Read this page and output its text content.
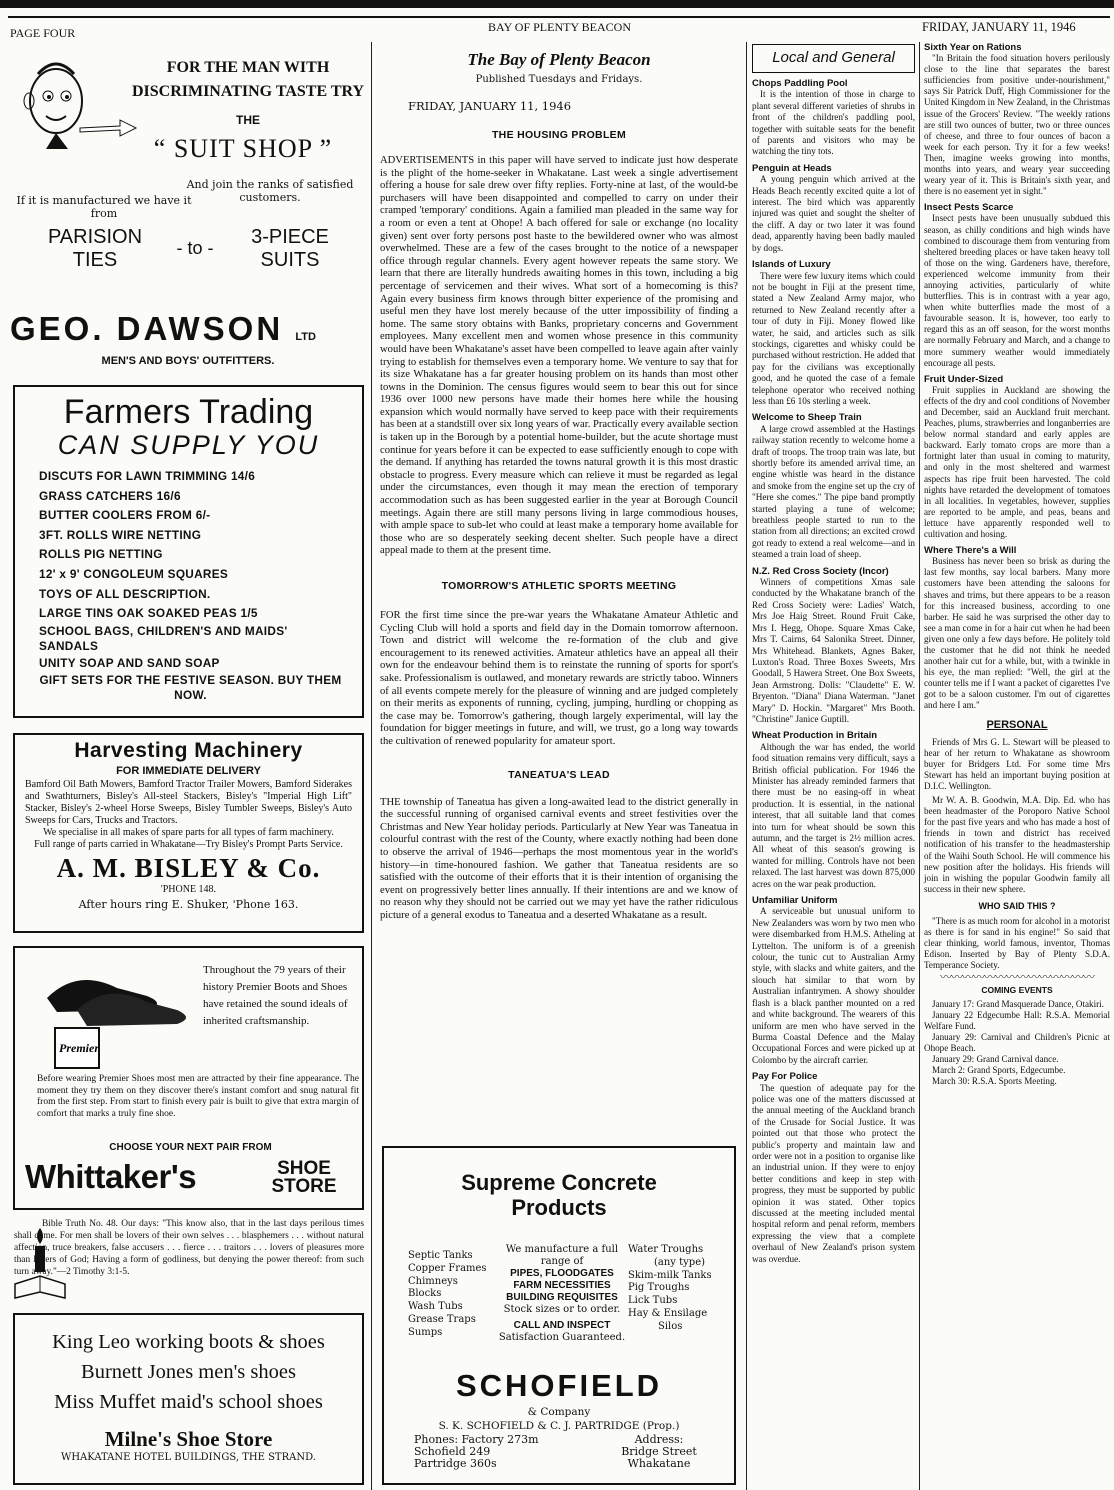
PAGE FOUR	BAY OF PLENTY BEACON	FRIDAY, JANUARY 11, 1946
FOR THE MAN WITH
DISCRIMINATING TASTE TRY
THE
“ SUIT SHOP ”
And join the ranks of satisfied customers.
If it is manufactured we have it from
PARISION
TIES
- to -	3-PIECE
SUITS
GEO. DAWSON LTD
MEN'S AND BOYS' OUTFITTERS.
Farmers Trading
CAN SUPPLY YOU
DISCUTS FOR LAWN TRIMMING 14/6
GRASS CATCHERS 16/6
BUTTER COOLERS FROM 6/-
3FT. ROLLS WIRE NETTING
ROLLS PIG NETTING
12' x 9' CONGOLEUM SQUARES
TOYS OF ALL DESCRIPTION.
LARGE TINS OAK SOAKED PEAS 1/5
SCHOOL BAGS, CHILDREN'S AND MAIDS' SANDALS
UNITY SOAP AND SAND SOAP
GIFT SETS FOR THE FESTIVE SEASON. BUY THEM NOW.
Harvesting Machinery
FOR IMMEDIATE DELIVERY
Bamford Oil Bath Mowers, Bamford Tractor Trailer Mowers, Bamford Siderakes and Swathturners, Bisley's All-steel Stackers, Bisley's "Imperial High Lift" Stacker, Bisley's 2-wheel Horse Sweeps, Bisley Tumbler Sweeps, Bisley's Auto Sweeps for Cars, Trucks and Tractors.
We specialise in all makes of spare parts for all types of farm machinery.
Full range of parts carried in Whakatane—Try Bisley's Prompt Parts Service.
A. M. BISLEY & Co.
'PHONE 148.
After hours ring E. Shuker, 'Phone 163.
Premier
Throughout the 79 years of their history Premier Boots and Shoes have retained the sound ideals of inherited craftsmanship.
Before wearing Premier Shoes most men are attracted by their fine appearance. The moment they try them on they discover there's instant comfort and snug natural fit from the first step. From start to finish every pair is built to give that extra margin of comfort that marks a truly fine shoe.
CHOOSE YOUR NEXT PAIR FROM
Whittaker's	SHOE
STORE
Bible Truth No. 48. Our days: "This know also, that in the last days perilous times shall come. For men shall be lovers of their own selves . . . blasphemers . . . without natural affection, truce breakers, false accusers . . . fierce . . . traitors . . . lovers of pleasures more than lovers of God; Having a form of godliness, but denying the power thereof: from such turn away."—2 Timothy 3:1-5.
King Leo working boots & shoes
Burnett Jones men's shoes
Miss Muffet maid's school shoes
Milne's Shoe Store
WHAKATANE HOTEL BUILDINGS, THE STRAND.
The Bay of Plenty Beacon
Published Tuesdays and Fridays.
FRIDAY, JANUARY 11, 1946
THE HOUSING PROBLEM
ADVERTISEMENTS in this paper will have served to indicate just how desperate is the plight of the home-seeker in Whakatane. Last week a single advertisement offering a house for sale drew over fifty replies. Forty-nine at last, of the would-be purchasers will have been disappointed and compelled to carry on under their cramped 'temporary' conditions. Again a familied man pleaded in the same way for a room or even a tent at Ohope! A bach offered for sale or exchange (no locality given) sent over forty persons post haste to the bewildered owner who was almost overwhelmed. These are a few of the cases brought to the notice of a newspaper office through regular channels. Every agent however repeats the same story. We learn that there are literally hundreds awaiting homes in this town, including a big percentage of servicemen and their wives. What sort of a homecoming is this? Again every business firm knows through bitter experience of the promising and useful men they have lost merely because of the utter impossibility of finding a home. The same story obtains with Banks, proprietary concerns and Government employees. Many excellent men and women whose presence in this community would have been Whakatane's asset have been compelled to leave again after vainly trying to establish for themselves even a temporary home. We venture to say that for its size Whakatane has a far greater housing problem on its hands than most other towns in the Dominion. The census figures would seem to bear this out for since 1936 over 1000 new persons have made their homes here while the housing expansion which would normally have served to keep pace with their requirements has been at a standstill over six long years of war. Practically every available section is taken up in the Borough by a potential home-builder, but the acute shortage must continue for years before it can be expected to ease sufficiently enough to cope with the demand. If anything has retarded the towns natural growth it is this most drastic obstacle to progress. Every measure which can relieve it must be regarded as legal under the circumstances, even though it may mean the erection of temporary accommodation such as has been suggested earlier in the year at Borough Council meetings. Again there are still many persons living in large commodious houses, with ample space to sub-let who could at least make a temporary home available for those who are so desperately seeking decent shelter. Such people have a direct appeal made to them at the present time.
TOMORROW'S ATHLETIC SPORTS MEETING
FOR the first time since the pre-war years the Whakatane Amateur Athletic and Cycling Club will hold a sports and field day in the Domain tomorrow afternoon. Town and district will welcome the re-formation of the club and give encouragement to its renewed activities. Amateur athletics have an appeal all their own for the endeavour behind them is to reinstate the running of sports for sport's sake. Professionalism is outlawed, and monetary rewards are strictly taboo. Winners of all events compete merely for the pleasure of winning and are judged completely on their merits as exponents of running, cycling, jumping, hurdling or chopping as the case may be. Tomorrow's gathering, though largely experimental, will lay the foundation for bigger meetings in future, and will, we trust, go a long way towards the cultivation of renewed popularity for amateur sport.
TANEATUA'S LEAD
THE township of Taneatua has given a long-awaited lead to the district generally in the successful running of organised carnival events and street festivities over the Christmas and New Year holiday periods. Particularly at New Year was Taneatua in colourful contrast with the rest of the County, where exactly nothing had been done to observe the arrival of 1946—perhaps the most momentous year in the world's history—in time-honoured fashion. We gather that Taneatua residents are so satisfied with the outcome of their efforts that it is their intention of organising the event on progressively better lines annually. If their intentions are and we know of no reason why they should not be carried out we may yet have the rather ridiculous picture of a general exodus to Taneatua and a deserted Whakatane as a result.
Supreme Concrete
Products
Septic Tanks
Copper Frames
Chimneys
Blocks
Wash Tubs
Grease Traps
Sumps
We manufacture a full range of
PIPES, FLOODGATES
FARM NECESSITIES
BUILDING REQUISITES
Stock sizes or to order.
CALL AND INSPECT
Satisfaction Guaranteed.
Water Troughs
(any type)
Skim-milk Tanks
Pig Troughs
Lick Tubs
Hay & Ensilage
Silos
SCHOFIELD
& Company
S. K. SCHOFIELD & C. J. PARTRIDGE (Prop.)
Phones: Factory 273m
Schofield 249
Partridge 360s
Address:
Bridge Street
Whakatane
Local and General
Chops Paddling Pool
It is the intention of those in charge to plant several different varieties of shrubs in front of the children's paddling pool, together with suitable seats for the benefit of parents and visitors who may be watching the tiny tots.
Penguin at Heads
A young penguin which arrived at the Heads Beach recently excited quite a lot of interest. The bird which was apparently injured was quiet and sought the shelter of the cliff. A day or two later it was found dead, apparently having been badly mauled by dogs.
Islands of Luxury
There were few luxury items which could not be bought in Fiji at the present time, stated a New Zealand Army major, who returned to New Zealand recently after a tour of duty in Fiji. Money flowed like water, he said, and articles such as silk stockings, cigarettes and whisky could be purchased without restriction. He added that pay for the civilians was exceptionally good, and he quoted the case of a female telephone operator who received nothing less than £6 10s sterling a week.
Welcome to Sheep Train
A large crowd assembled at the Hastings railway station recently to welcome home a draft of troops. The troop train was late, but shortly before its amended arrival time, an engine whistle was heard in the distance and smoke from the engine set up the cry of "Here she comes." The pipe band promptly started playing a tune of welcome; breathless people started to run to the station from all directions; an excited crowd got ready to extend a real welcome—and in steamed a train load of sheep.
N.Z. Red Cross Society (Incor)
Winners of competitions Xmas sale conducted by the Whakatane branch of the Red Cross Society were: Ladies' Watch, Mrs Joe Haig Street. Round Fruit Cake, Mrs I. Hegg, Ohope. Square Xmas Cake, Mrs T. Cairns, 64 Salonika Street. Dinner, Mrs Whitehead. Blankets, Agnes Baker, Luxton's Road. Three Boxes Sweets, Mrs Goodall, 5 Hawera Street. One Box Sweets, Jean Armstrong. Dolls: "Claudette" E. W. Bryenton. "Diana" Diana Waterman. "Janet Mary" D. Hockin. "Margaret" Mrs Booth. "Christine" Janice Guptill.
Wheat Production in Britain
Although the war has ended, the world food situation remains very difficult, says a British official publication. For 1946 the Minister has already reminded farmers that there must be no easing-off in wheat production. It is essential, in the national interest, that all suitable land that comes into turn for wheat should be sown this autumn, and the target is 2½ million acres. All wheat of this season's growing is wanted for milling. Controls have not been relaxed. The last harvest was down 875,000 acres on the war peak production.
Unfamiliar Uniform
A serviceable but unusual uniform to New Zealanders was worn by two men who were disembarked from H.M.S. Atheling at Lyttelton. The uniform is of a greenish colour, the tunic cut to Australian Army style, with slacks and white gaiters, and the slouch hat similar to that worn by Australian infantrymen. A showy shoulder flash is a black panther mounted on a red and white background. The wearers of this uniform are men who have served in the Burma Coastal Defence and the Malay Occupational Forces and were picked up at Colombo by the aircraft carrier.
Pay For Police
The question of adequate pay for the police was one of the matters discussed at the annual meeting of the Auckland branch of the Crusade for Social Justice. It was pointed out that those who protect the public's property and maintain law and order were not in a position to organise like an industrial union. If they were to enjoy better conditions and keep in step with progress, they must be supported by public opinion it was stated. Other topics discussed at the meeting included mental hospital reform and penal reform, members expressing the view that a complete overhaul of New Zealand's prison system was overdue.
Sixth Year on Rations
"In Britain the food situation hovers perilously close to the line that separates the barest sufficiencies from positive under-nourishment," says Sir Patrick Duff, High Commissioner for the United Kingdom in New Zealand, in the Christmas issue of the Grocers' Review. "The weekly rations are still two ounces of butter, two or three ounces of cheese, and three to four ounces of bacon a week for each person. Try it for a few weeks! Then, imagine weeks growing into months, months into years, and weary year succeeding weary year of it. This is Britain's sixth year, and there is no easement yet in sight."
Insect Pests Scarce
Insect pests have been unusually subdued this season, as chilly conditions and high winds have combined to discourage them from venturing from sheltered breeding places or have taken heavy toll of those on the wing. Gardeners have, therefore, experienced welcome immunity from their annoying activities, particularly of white butterflies. This is in contrast with a year ago, when white butterflies made the most of a favourable season. It is, however, too early to regard this as an off season, for the worst months are normally February and March, and a change to more summery weather would immediately encourage all pests.
Fruit Under-Sized
Fruit supplies in Auckland are showing the effects of the dry and cool conditions of November and December, said an Auckland fruit merchant. Peaches, plums, strawberries and longanberries are below normal standard and early apples are backward. Early tomato crops are more than a fortnight later than usual in coming to maturity, and only in the most sheltered and warmest aspects has ripe fruit been harvested. The cold nights have retarded the development of tomatoes in all localities. In vegetables, however, supplies are reported to be ample, and peas, beans and lettuce have apparently responded well to cultivation and hosing.
Where There's a Will
Business has never been so brisk as during the last few months, say local barbers. Many more customers have been attending the saloons for shaves and trims, but there appears to be a reason for this increased business, according to one barber. He said he was surprised the other day to see a man come in for a hair cut when he had been given one only a few days before. He politely told the customer that he did not think he needed another hair cut for a while, but, with a twinkle in his eye, the man replied: "Well, the girl at the counter tells me if I want a packet of cigarettes I've got to be a saloon customer. I'm out of cigarettes and here I am."
PERSONAL
Friends of Mrs G. L. Stewart will be pleased to hear of her return to Whakatane as showroom buyer for Bridgers Ltd. For some time Mrs Stewart has held an important buying position at D.I.C. Wellington.
Mr W. A. B. Goodwin, M.A. Dip. Ed. who has been headmaster of the Poroporo Native School for the past five years and who has made a host of friends in town and district has received notification of his transfer to the headmastership of the Waihi South School. He will commence his new position after the holidays. His friends will join in wishing the popular Goodwin family all success in their new sphere.
WHO SAID THIS ?
"There is as much room for alcohol in a motorist as there is for sand in his engine!" So said that clear thinking, world famous, inventor, Thomas Edison. Inserted by Bay of Plenty S.D.A. Temperance Society.
〰〰〰〰〰〰〰〰〰〰〰〰〰〰
COMING EVENTS
January 17: Grand Masquerade Dance, Otakiri.
January 22 Edgecumbe Hall: R.S.A. Memorial Welfare Fund.
January 29: Carnival and Children's Picnic at Ohope Beach.
January 29: Grand Carnival dance.
March 2: Grand Sports, Edgecumbe.
March 30: R.S.A. Sports Meeting.
